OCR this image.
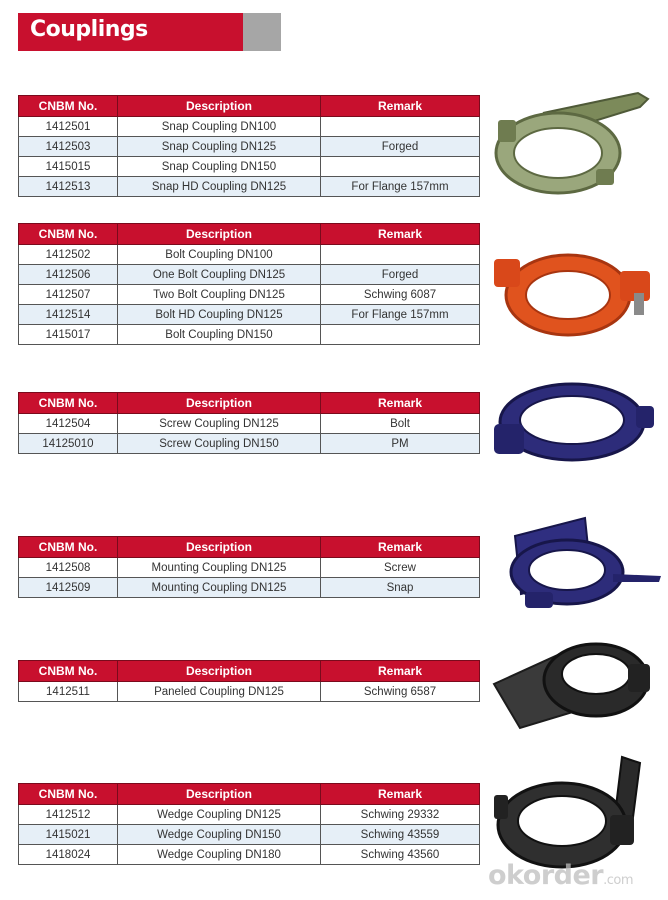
Couplings
CNBM No.	Description	Remark
1412501	Snap Coupling DN100	
1412503	Snap Coupling DN125	Forged
1415015	Snap Coupling DN150	
1412513	Snap HD Coupling DN125	For Flange 157mm
CNBM No.	Description	Remark
1412502	Bolt Coupling DN100	
1412506	One Bolt Coupling DN125	Forged
1412507	Two Bolt Coupling DN125	Schwing 6087
1412514	Bolt HD Coupling DN125	For Flange 157mm
1415017	Bolt Coupling DN150	
CNBM No.	Description	Remark
1412504	Screw Coupling DN125	Bolt
14125010	Screw Coupling DN150	PM
CNBM No.	Description	Remark
1412508	Mounting Coupling DN125	Screw
1412509	Mounting Coupling DN125	Snap
CNBM No.	Description	Remark
1412511	Paneled Coupling DN125	Schwing 6587
CNBM No.	Description	Remark
1412512	Wedge Coupling DN125	Schwing 29332
1415021	Wedge Coupling DN150	Schwing 43559
1418024	Wedge Coupling DN180	Schwing 43560
okorder.com
